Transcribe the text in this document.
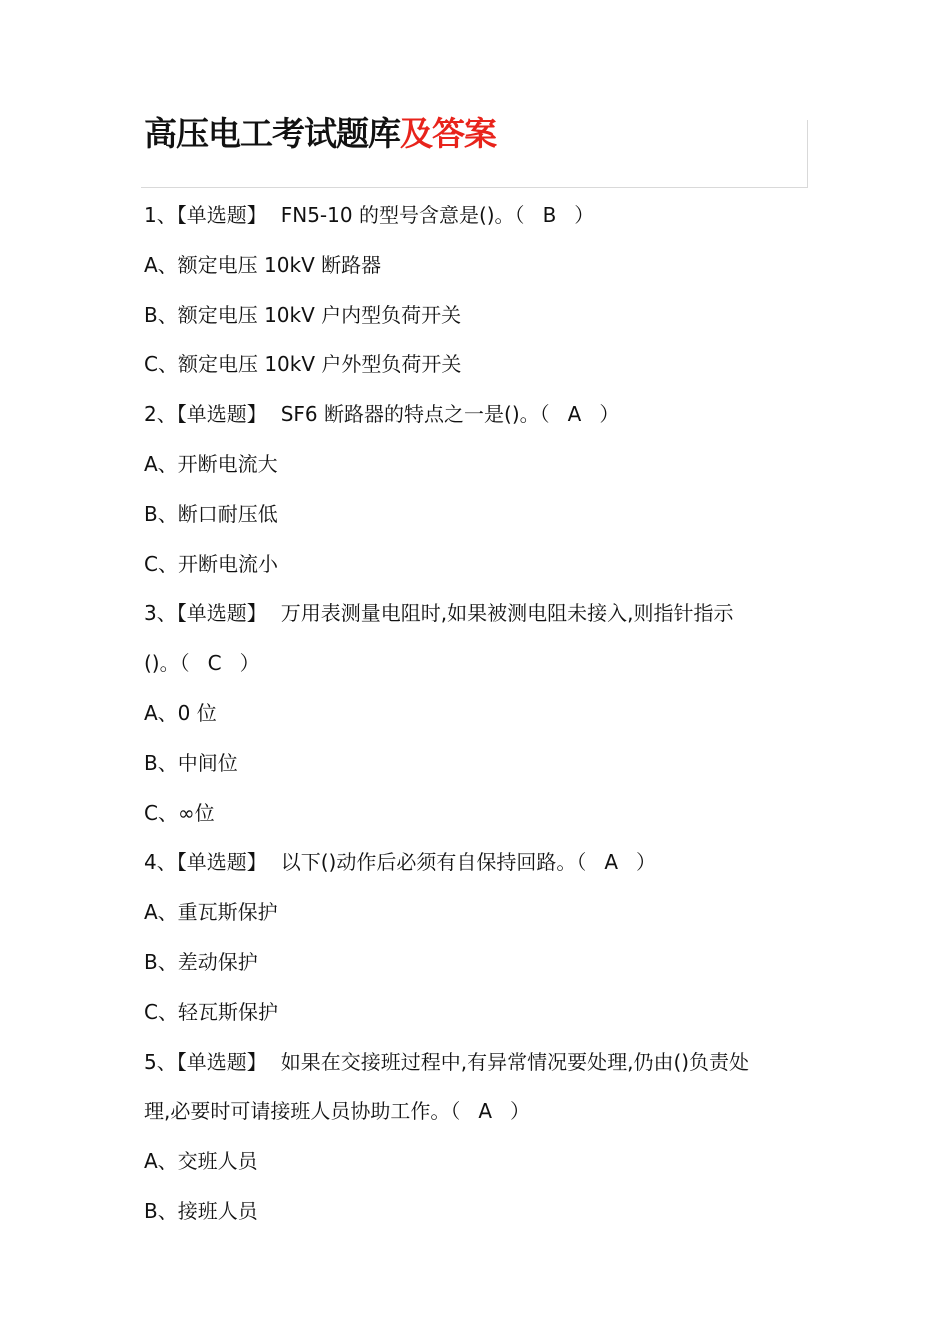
高压电工考试题库及答案
1、【单选题】 FN5-10 的型号含意是()。（ B ）
A、额定电压 10kV 断路器
B、额定电压 10kV 户内型负荷开关
C、额定电压 10kV 户外型负荷开关
2、【单选题】 SF6 断路器的特点之一是()。（ A ）
A、开断电流大
B、断口耐压低
C、开断电流小
3、【单选题】 万用表测量电阻时,如果被测电阻未接入,则指针指示
()。（ C ）
A、0 位
B、中间位
C、∞位
4、【单选题】 以下()动作后必须有自保持回路。（ A ）
A、重瓦斯保护
B、差动保护
C、轻瓦斯保护
5、【单选题】 如果在交接班过程中,有异常情况要处理,仍由()负责处
理,必要时可请接班人员协助工作。（ A ）
A、交班人员
B、接班人员
